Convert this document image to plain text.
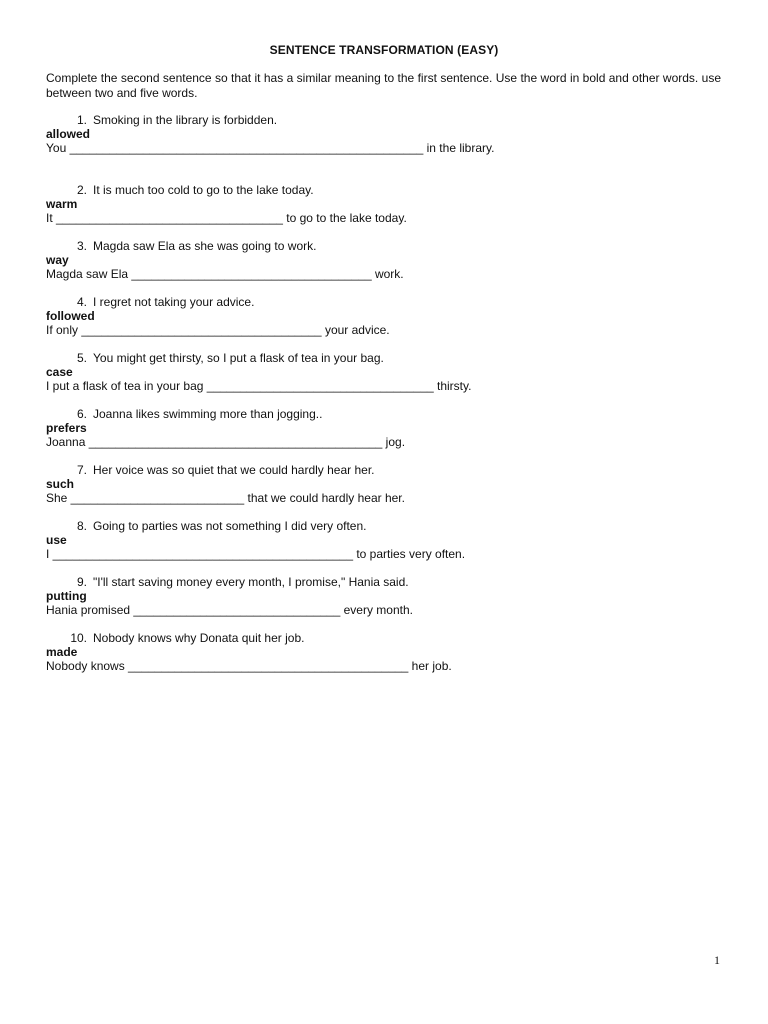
SENTENCE TRANSFORMATION (EASY)
Complete the second sentence so that it has a similar meaning to the first sentence. Use the word in bold and other words. use between two and five words.
1. Smoking in the library is forbidden.
allowed
You _____________________________________________________ in the library.
2. It is much too cold to go to the lake today.
warm
It __________________________________ to go to the lake today.
3. Magda saw Ela as she was going to work.
way
Magda saw Ela ____________________________________ work.
4. I regret not taking your advice.
followed
If only ____________________________________ your advice.
5. You might get thirsty, so I put a flask of tea in your bag.
case
I put a flask of tea in your bag __________________________________ thirsty.
6. Joanna likes swimming more than jogging..
prefers
Joanna ____________________________________________ jog.
7. Her voice was so quiet that we could hardly hear her.
such
She __________________________ that we could hardly hear her.
8. Going to parties was not something I did very often.
use
I _____________________________________________ to parties very often.
9. "I'll start saving money every month, I promise," Hania said.
putting
Hania promised _______________________________ every month.
10. Nobody knows why Donata quit her job.
made
Nobody knows __________________________________________ her job.
1
